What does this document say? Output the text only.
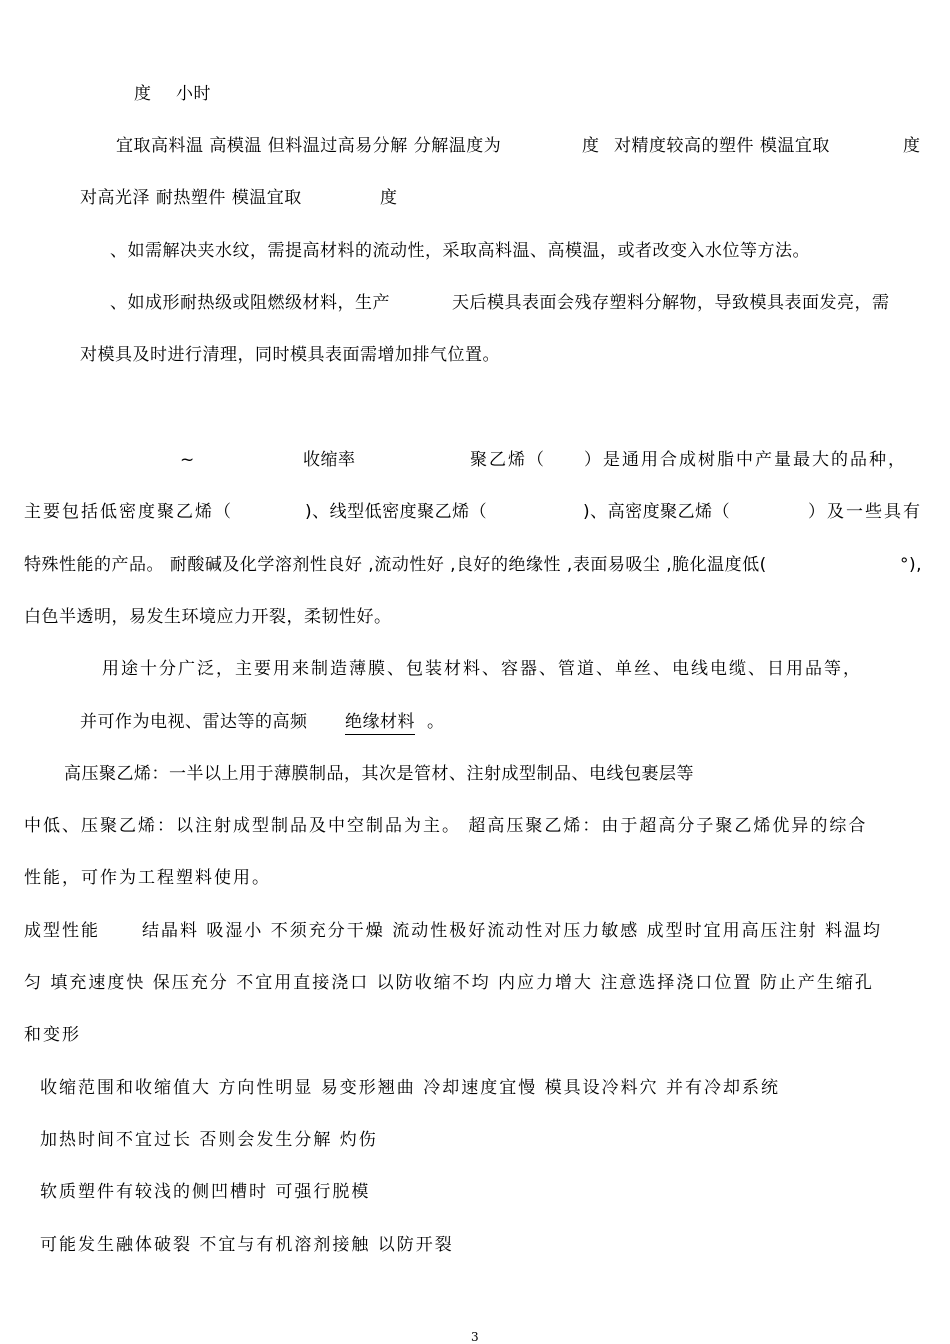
度 小时
宜取高料温 高模温 但料温过高易分解 分解温度为	度 对精度较高的塑件 模温宜取	度
对高光泽 耐热塑件 模温宜取	度
、如需解决夹水纹，需提高材料的流动性，采取高料温、高模温，或者改变入水位等方法。
、如成形耐热级或阻燃级材料，生产	天后模具表面会残存塑料分解物，导致模具表面发亮，需
对模具及时进行清理，同时模具表面需增加排气位置。
~	收缩率	聚乙烯（ ）是通用合成树脂中产量最大的品种，
主要包括低密度聚乙烯（	)、线型低密度聚乙烯（	)、高密度聚乙烯（	）及一些具有
特殊性能的产品。 耐酸碱及化学溶剂性良好 ,流动性好 ,良好的绝缘性 ,表面易吸尘 ,脆化温度低(	°),
白色半透明，易发生环境应力开裂，柔韧性好。
用途十分广泛，主要用来制造薄膜、包装材料、容器、管道、单丝、电线电缆、日用品等，
并可作为电视、雷达等的高频 绝缘材料 。
高压聚乙烯：一半以上用于薄膜制品，其次是管材、注射成型制品、电线包裹层等
中低、压聚乙烯：以注射成型制品及中空制品为主。 超高压聚乙烯：由于超高分子聚乙烯优异的综合
性能，可作为工程塑料使用。
成型性能 结晶料 吸湿小 不须充分干燥 流动性极好流动性对压力敏感 成型时宜用高压注射 料温均
匀 填充速度快 保压充分 不宜用直接浇口 以防收缩不均 内应力增大 注意选择浇口位置 防止产生缩孔
和变形
收缩范围和收缩值大 方向性明显 易变形翘曲 冷却速度宜慢 模具设冷料穴 并有冷却系统
加热时间不宜过长 否则会发生分解 灼伤
软质塑件有较浅的侧凹槽时 可强行脱模
可能发生融体破裂 不宜与有机溶剂接触 以防开裂
3
